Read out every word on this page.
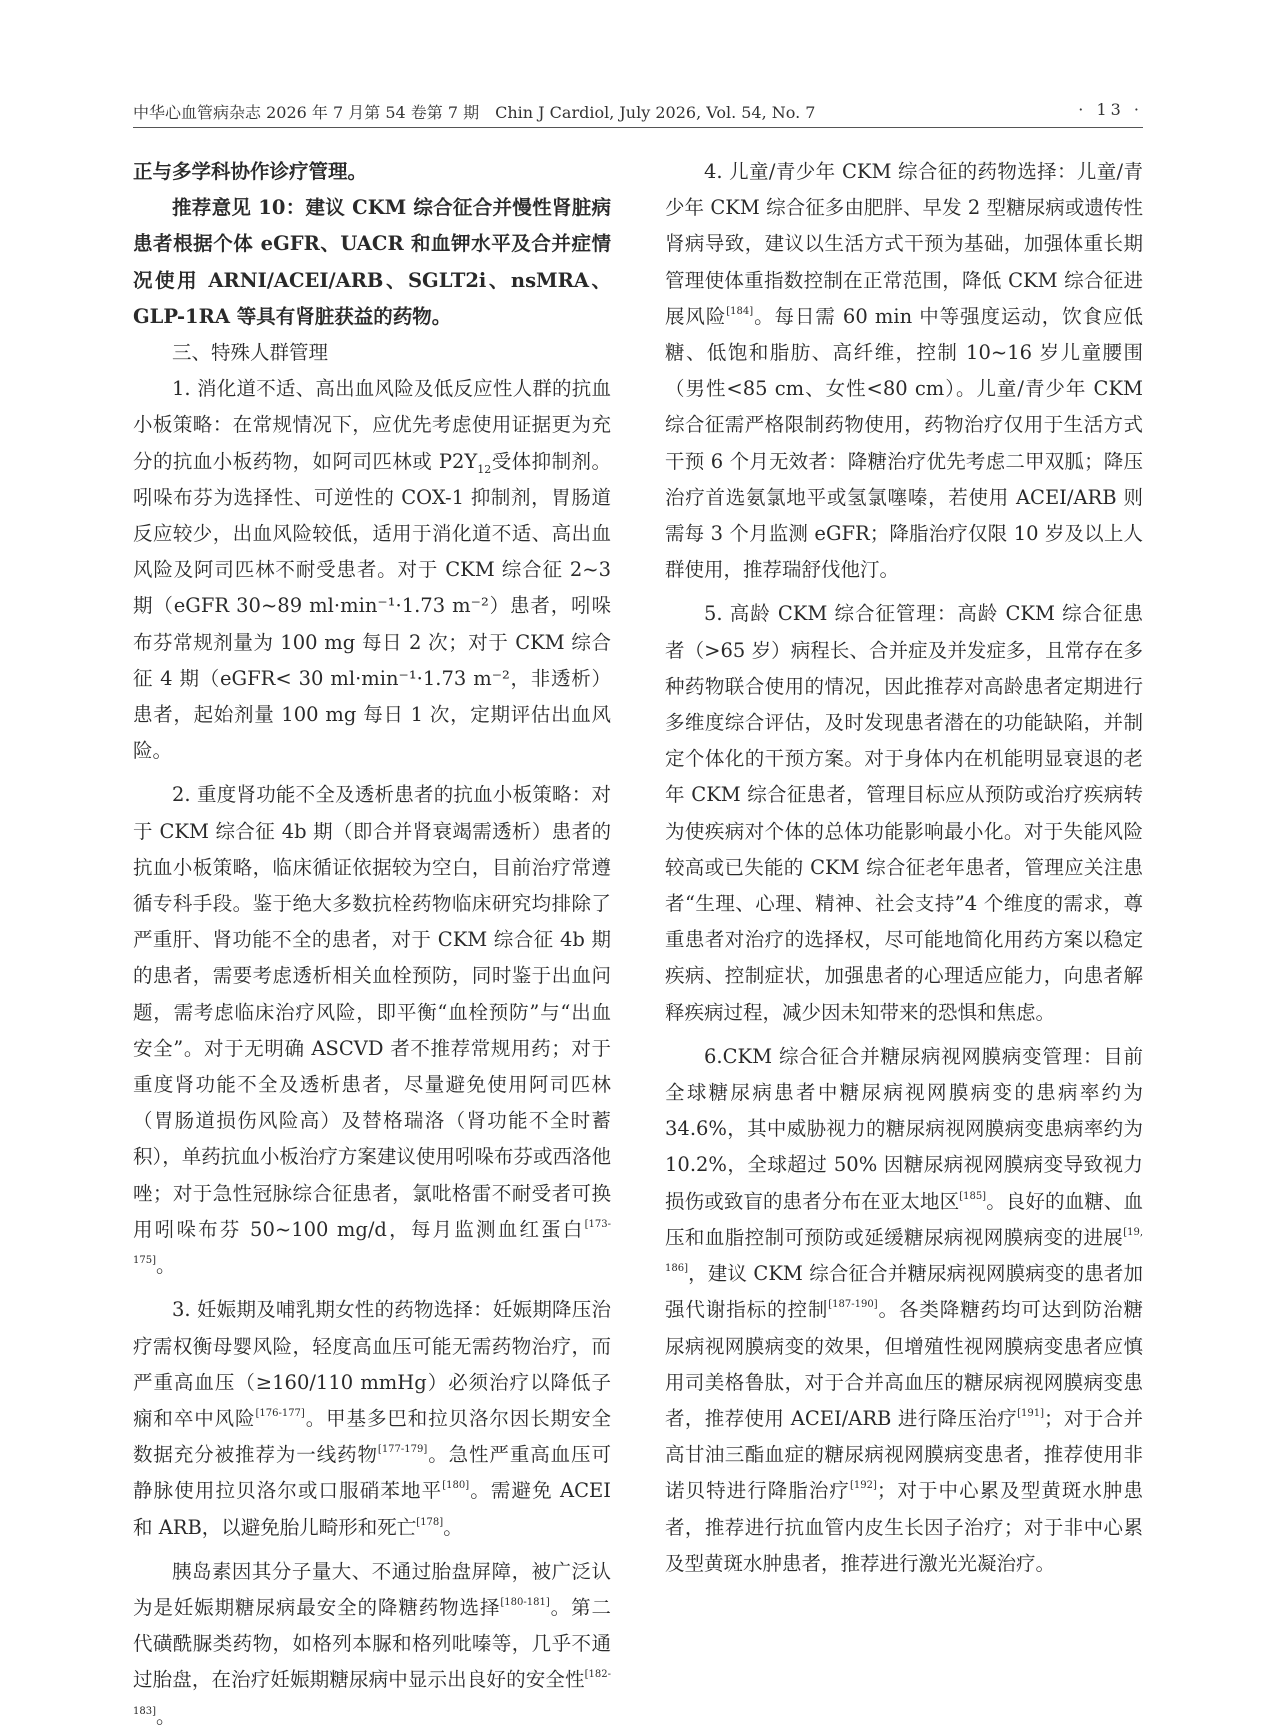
中华心血管病杂志 2026 年 7 月第 54 卷第 7 期　Chin J Cardiol, July 2026, Vol. 54, No. 7	· 13 ·

正与多学科协作诊疗管理。

推荐意见 10：建议 CKM 综合征合并慢性肾脏病患者根据个体 eGFR、UACR 和血钾水平及合并症情况使用 ARNI/ACEI/ARB、SGLT2i、nsMRA、GLP-1RA 等具有肾脏获益的药物。

三、特殊人群管理

1. 消化道不适、高出血风险及低反应性人群的抗血小板策略：在常规情况下，应优先考虑使用证据更为充分的抗血小板药物，如阿司匹林或 $P2Y_{12}$受体抑制剂。吲哚布芬为选择性、可逆性的 COX-1 抑制剂，胃肠道反应较少，出血风险较低，适用于消化道不适、高出血风险及阿司匹林不耐受患者。对于 CKM 综合征 2~3 期（eGFR 30~89 ml·min⁻¹·1.73 m⁻²）患者，吲哚布芬常规剂量为 100 mg 每日 2 次；对于 CKM 综合征 4 期（eGFR< 30 ml·min⁻¹·1.73 m⁻²，非透析）患者，起始剂量 100 mg 每日 1 次，定期评估出血风险。

2. 重度肾功能不全及透析患者的抗血小板策略：对于 CKM 综合征 4b 期（即合并肾衰竭需透析）患者的抗血小板策略，临床循证依据较为空白，目前治疗常遵循专科手段。鉴于绝大多数抗栓药物临床研究均排除了严重肝、肾功能不全的患者，对于 CKM 综合征 4b 期的患者，需要考虑透析相关血栓预防，同时鉴于出血问题，需考虑临床治疗风险，即平衡“血栓预防”与“出血安全”。对于无明确 ASCVD 者不推荐常规用药；对于重度肾功能不全及透析患者，尽量避免使用阿司匹林（胃肠道损伤风险高）及替格瑞洛（肾功能不全时蓄积），单药抗血小板治疗方案建议使用吲哚布芬或西洛他唑；对于急性冠脉综合征患者，氯吡格雷不耐受者可换用吲哚布芬 50~100 mg/d，每月监测血红蛋白[173-175]。

3. 妊娠期及哺乳期女性的药物选择：妊娠期降压治疗需权衡母婴风险，轻度高血压可能无需药物治疗，而严重高血压（≥160/110 mmHg）必须治疗以降低子痫和卒中风险[176-177]。甲基多巴和拉贝洛尔因长期安全数据充分被推荐为一线药物[177-179]。急性严重高血压可静脉使用拉贝洛尔或口服硝苯地平[180]。需避免 ACEI 和 ARB，以避免胎儿畸形和死亡[178]。

胰岛素因其分子量大、不通过胎盘屏障，被广泛认为是妊娠期糖尿病最安全的降糖药物选择[180-181]。第二代磺酰脲类药物，如格列本脲和格列吡嗪等，几乎不通过胎盘，在治疗妊娠期糖尿病中显示出良好的安全性[182-183]。

4. 儿童/青少年 CKM 综合征的药物选择：儿童/青少年 CKM 综合征多由肥胖、早发 2 型糖尿病或遗传性肾病导致，建议以生活方式干预为基础，加强体重长期管理使体重指数控制在正常范围，降低 CKM 综合征进展风险[184]。每日需 60 min 中等强度运动，饮食应低糖、低饱和脂肪、高纤维，控制 10~16 岁儿童腰围（男性<85 cm、女性<80 cm）。儿童/青少年 CKM 综合征需严格限制药物使用，药物治疗仅用于生活方式干预 6 个月无效者：降糖治疗优先考虑二甲双胍；降压治疗首选氨氯地平或氢氯噻嗪，若使用 ACEI/ARB 则需每 3 个月监测 eGFR；降脂治疗仅限 10 岁及以上人群使用，推荐瑞舒伐他汀。

5. 高龄 CKM 综合征管理：高龄 CKM 综合征患者（>65 岁）病程长、合并症及并发症多，且常存在多种药物联合使用的情况，因此推荐对高龄患者定期进行多维度综合评估，及时发现患者潜在的功能缺陷，并制定个体化的干预方案。对于身体内在机能明显衰退的老年 CKM 综合征患者，管理目标应从预防或治疗疾病转为使疾病对个体的总体功能影响最小化。对于失能风险较高或已失能的 CKM 综合征老年患者，管理应关注患者“生理、心理、精神、社会支持”4 个维度的需求，尊重患者对治疗的选择权，尽可能地简化用药方案以稳定疾病、控制症状，加强患者的心理适应能力，向患者解释疾病过程，减少因未知带来的恐惧和焦虑。

6.CKM 综合征合并糖尿病视网膜病变管理：目前全球糖尿病患者中糖尿病视网膜病变的患病率约为 34.6%，其中威胁视力的糖尿病视网膜病变患病率约为 10.2%，全球超过 50% 因糖尿病视网膜病变导致视力损伤或致盲的患者分布在亚太地区[185]。良好的血糖、血压和血脂控制可预防或延缓糖尿病视网膜病变的进展[19, 186]，建议 CKM 综合征合并糖尿病视网膜病变的患者加强代谢指标的控制[187-190]。各类降糖药均可达到防治糖尿病视网膜病变的效果，但增殖性视网膜病变患者应慎用司美格鲁肽，对于合并高血压的糖尿病视网膜病变患者，推荐使用 ACEI/ARB 进行降压治疗[191]；对于合并高甘油三酯血症的糖尿病视网膜病变患者，推荐使用非诺贝特进行降脂治疗[192]；对于中心累及型黄斑水肿患者，推荐进行抗血管内皮生长因子治疗；对于非中心累及型黄斑水肿患者，推荐进行激光光凝治疗。
